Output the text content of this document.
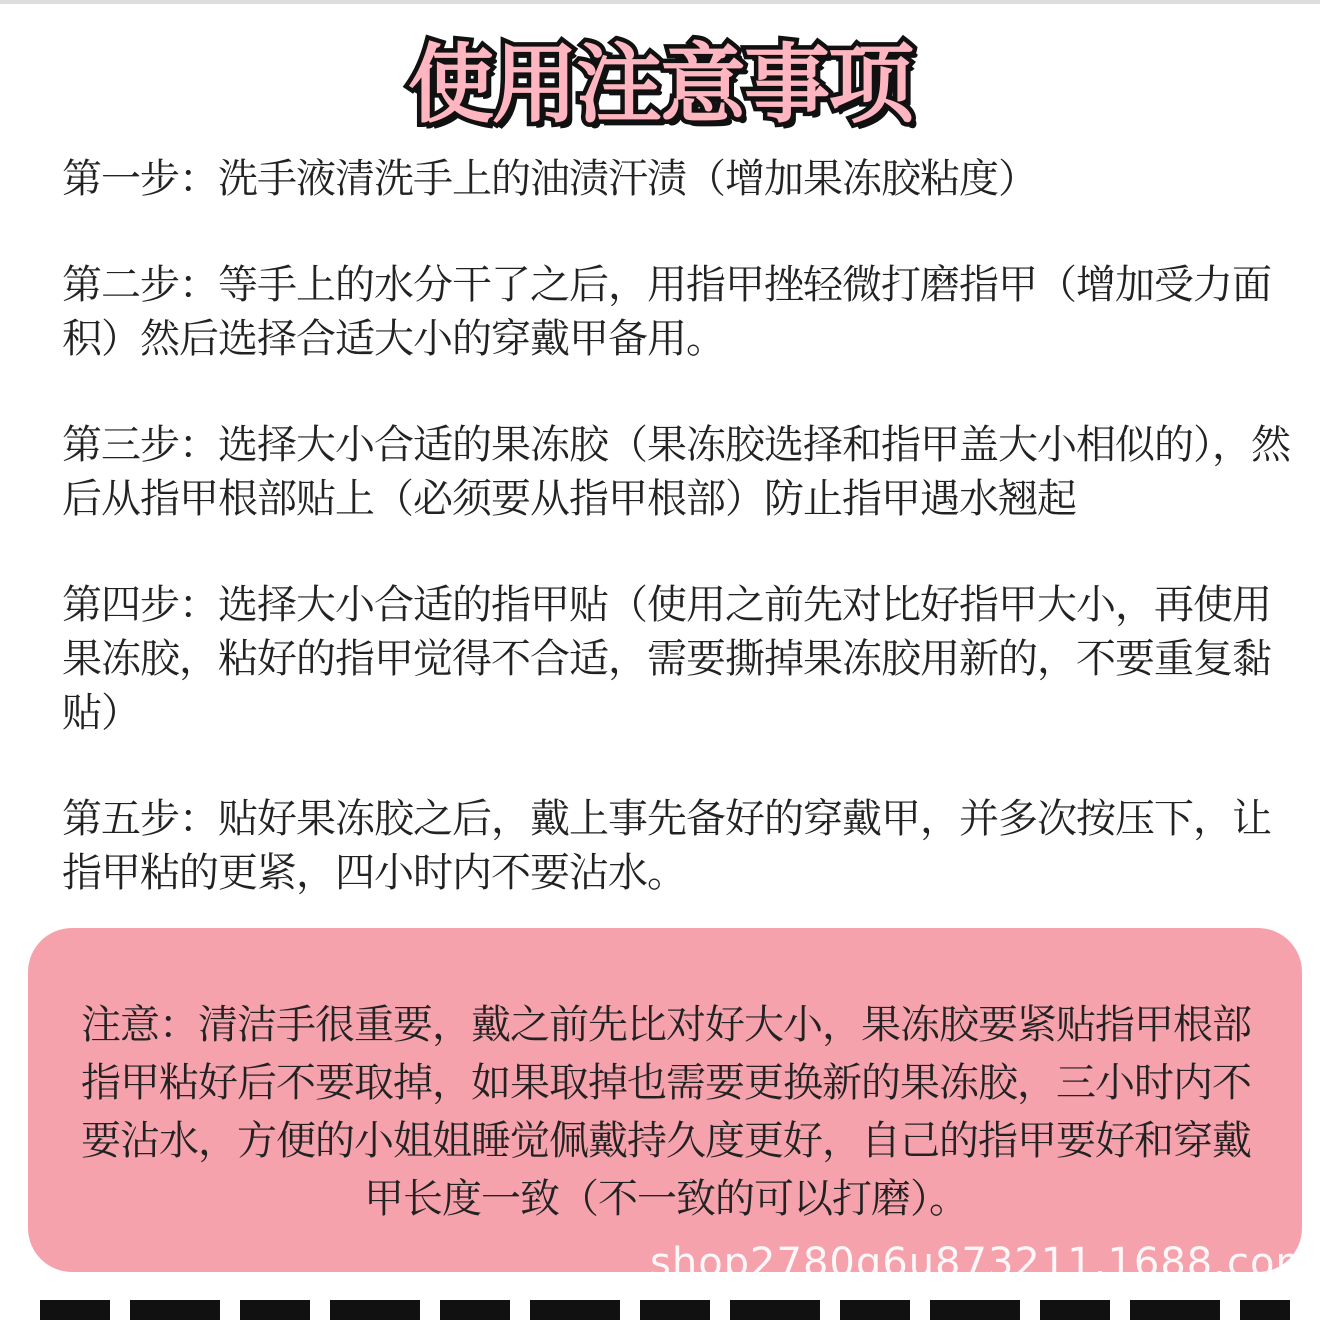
使用注意事项
第一步：洗手液清洗手上的油渍汗渍（增加果冻胶粘度）
第二步：等手上的水分干了之后，用指甲挫轻微打磨指甲（增加受力面积）然后选择合适大小的穿戴甲备用。
第三步：选择大小合适的果冻胶（果冻胶选择和指甲盖大小相似的），然后从指甲根部贴上（必须要从指甲根部）防止指甲遇水翘起
第四步：选择大小合适的指甲贴（使用之前先对比好指甲大小，再使用果冻胶，粘好的指甲觉得不合适，需要撕掉果冻胶用新的，不要重复黏贴）
第五步：贴好果冻胶之后，戴上事先备好的穿戴甲，并多次按压下，让指甲粘的更紧，四小时内不要沾水。
注意：清洁手很重要，戴之前先比对好大小，果冻胶要紧贴指甲根部指甲粘好后不要取掉，如果取掉也需要更换新的果冻胶，三小时内不要沾水，方便的小姐姐睡觉佩戴持久度更好，自己的指甲要好和穿戴甲长度一致（不一致的可以打磨）。
shop2780g6u873211.1688.com
